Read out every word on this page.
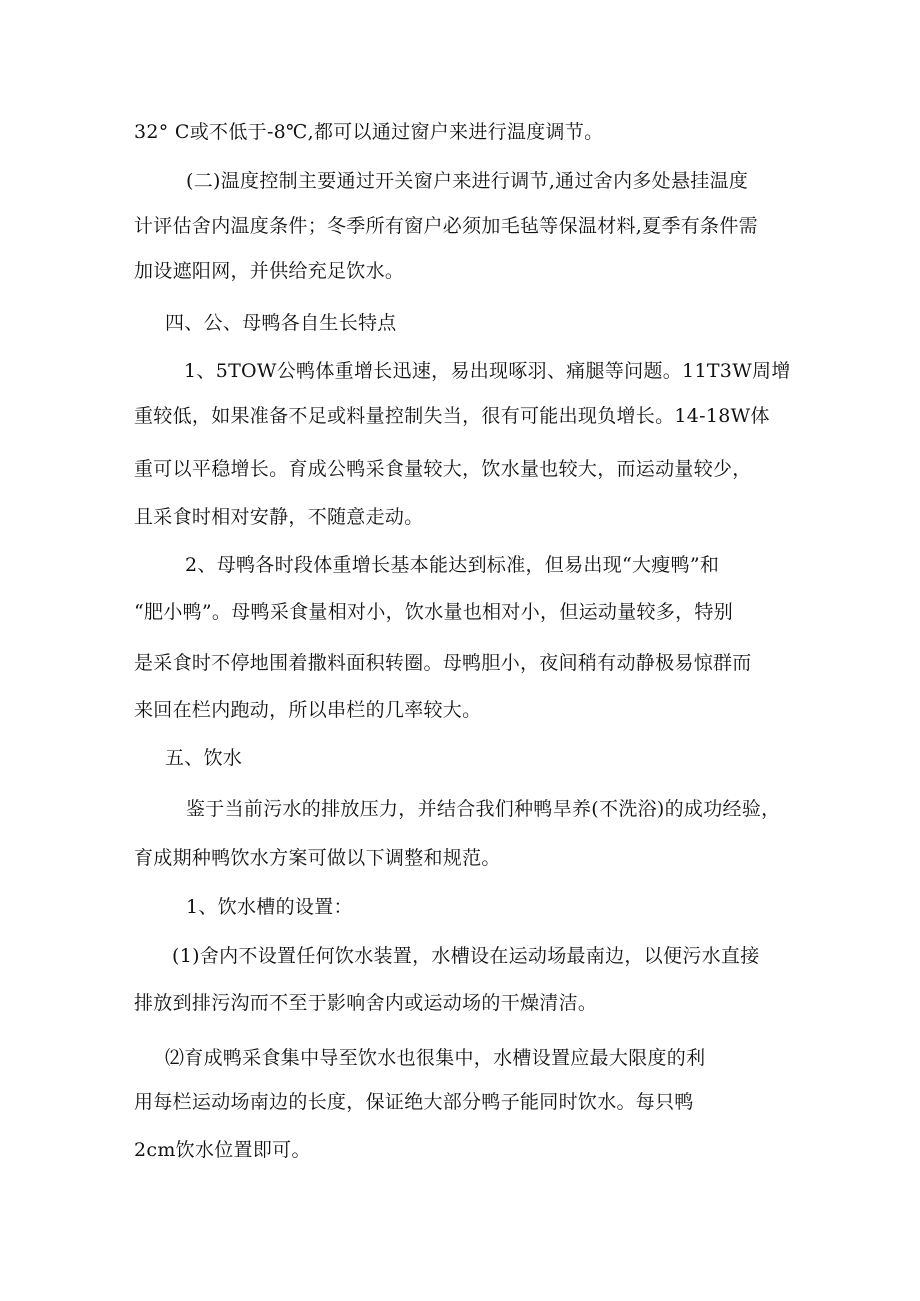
32° C或不低于-8℃,都可以通过窗户来进行温度调节。
(二)温度控制主要通过开关窗户来进行调节,通过舍内多处悬挂温度
计评估舍内温度条件；冬季所有窗户必须加毛毡等保温材料,夏季有条件需
加设遮阳网，并供给充足饮水。
四、公、母鸭各自生长特点
1、5TOW公鸭体重增长迅速，易出现啄羽、痛腿等问题。11T3W周增
重较低，如果准备不足或料量控制失当，很有可能出现负增长。14-18W体
重可以平稳增长。育成公鸭采食量较大，饮水量也较大，而运动量较少，
且采食时相对安静，不随意走动。
2、母鸭各时段体重增长基本能达到标准，但易出现“大瘦鸭”和
“肥小鸭”。母鸭采食量相对小，饮水量也相对小，但运动量较多，特别
是采食时不停地围着撒料面积转圈。母鸭胆小，夜间稍有动静极易惊群而
来回在栏内跑动，所以串栏的几率较大。
五、饮水
鉴于当前污水的排放压力，并结合我们种鸭旱养(不洗浴)的成功经验，
育成期种鸭饮水方案可做以下调整和规范。
1、饮水槽的设置：
(1)舍内不设置任何饮水装置，水槽设在运动场最南边，以便污水直接
排放到排污沟而不至于影响舍内或运动场的干燥清洁。
⑵育成鸭采食集中导至饮水也很集中，水槽设置应最大限度的利
用每栏运动场南边的长度，保证绝大部分鸭子能同时饮水。每只鸭
2cm饮水位置即可。
